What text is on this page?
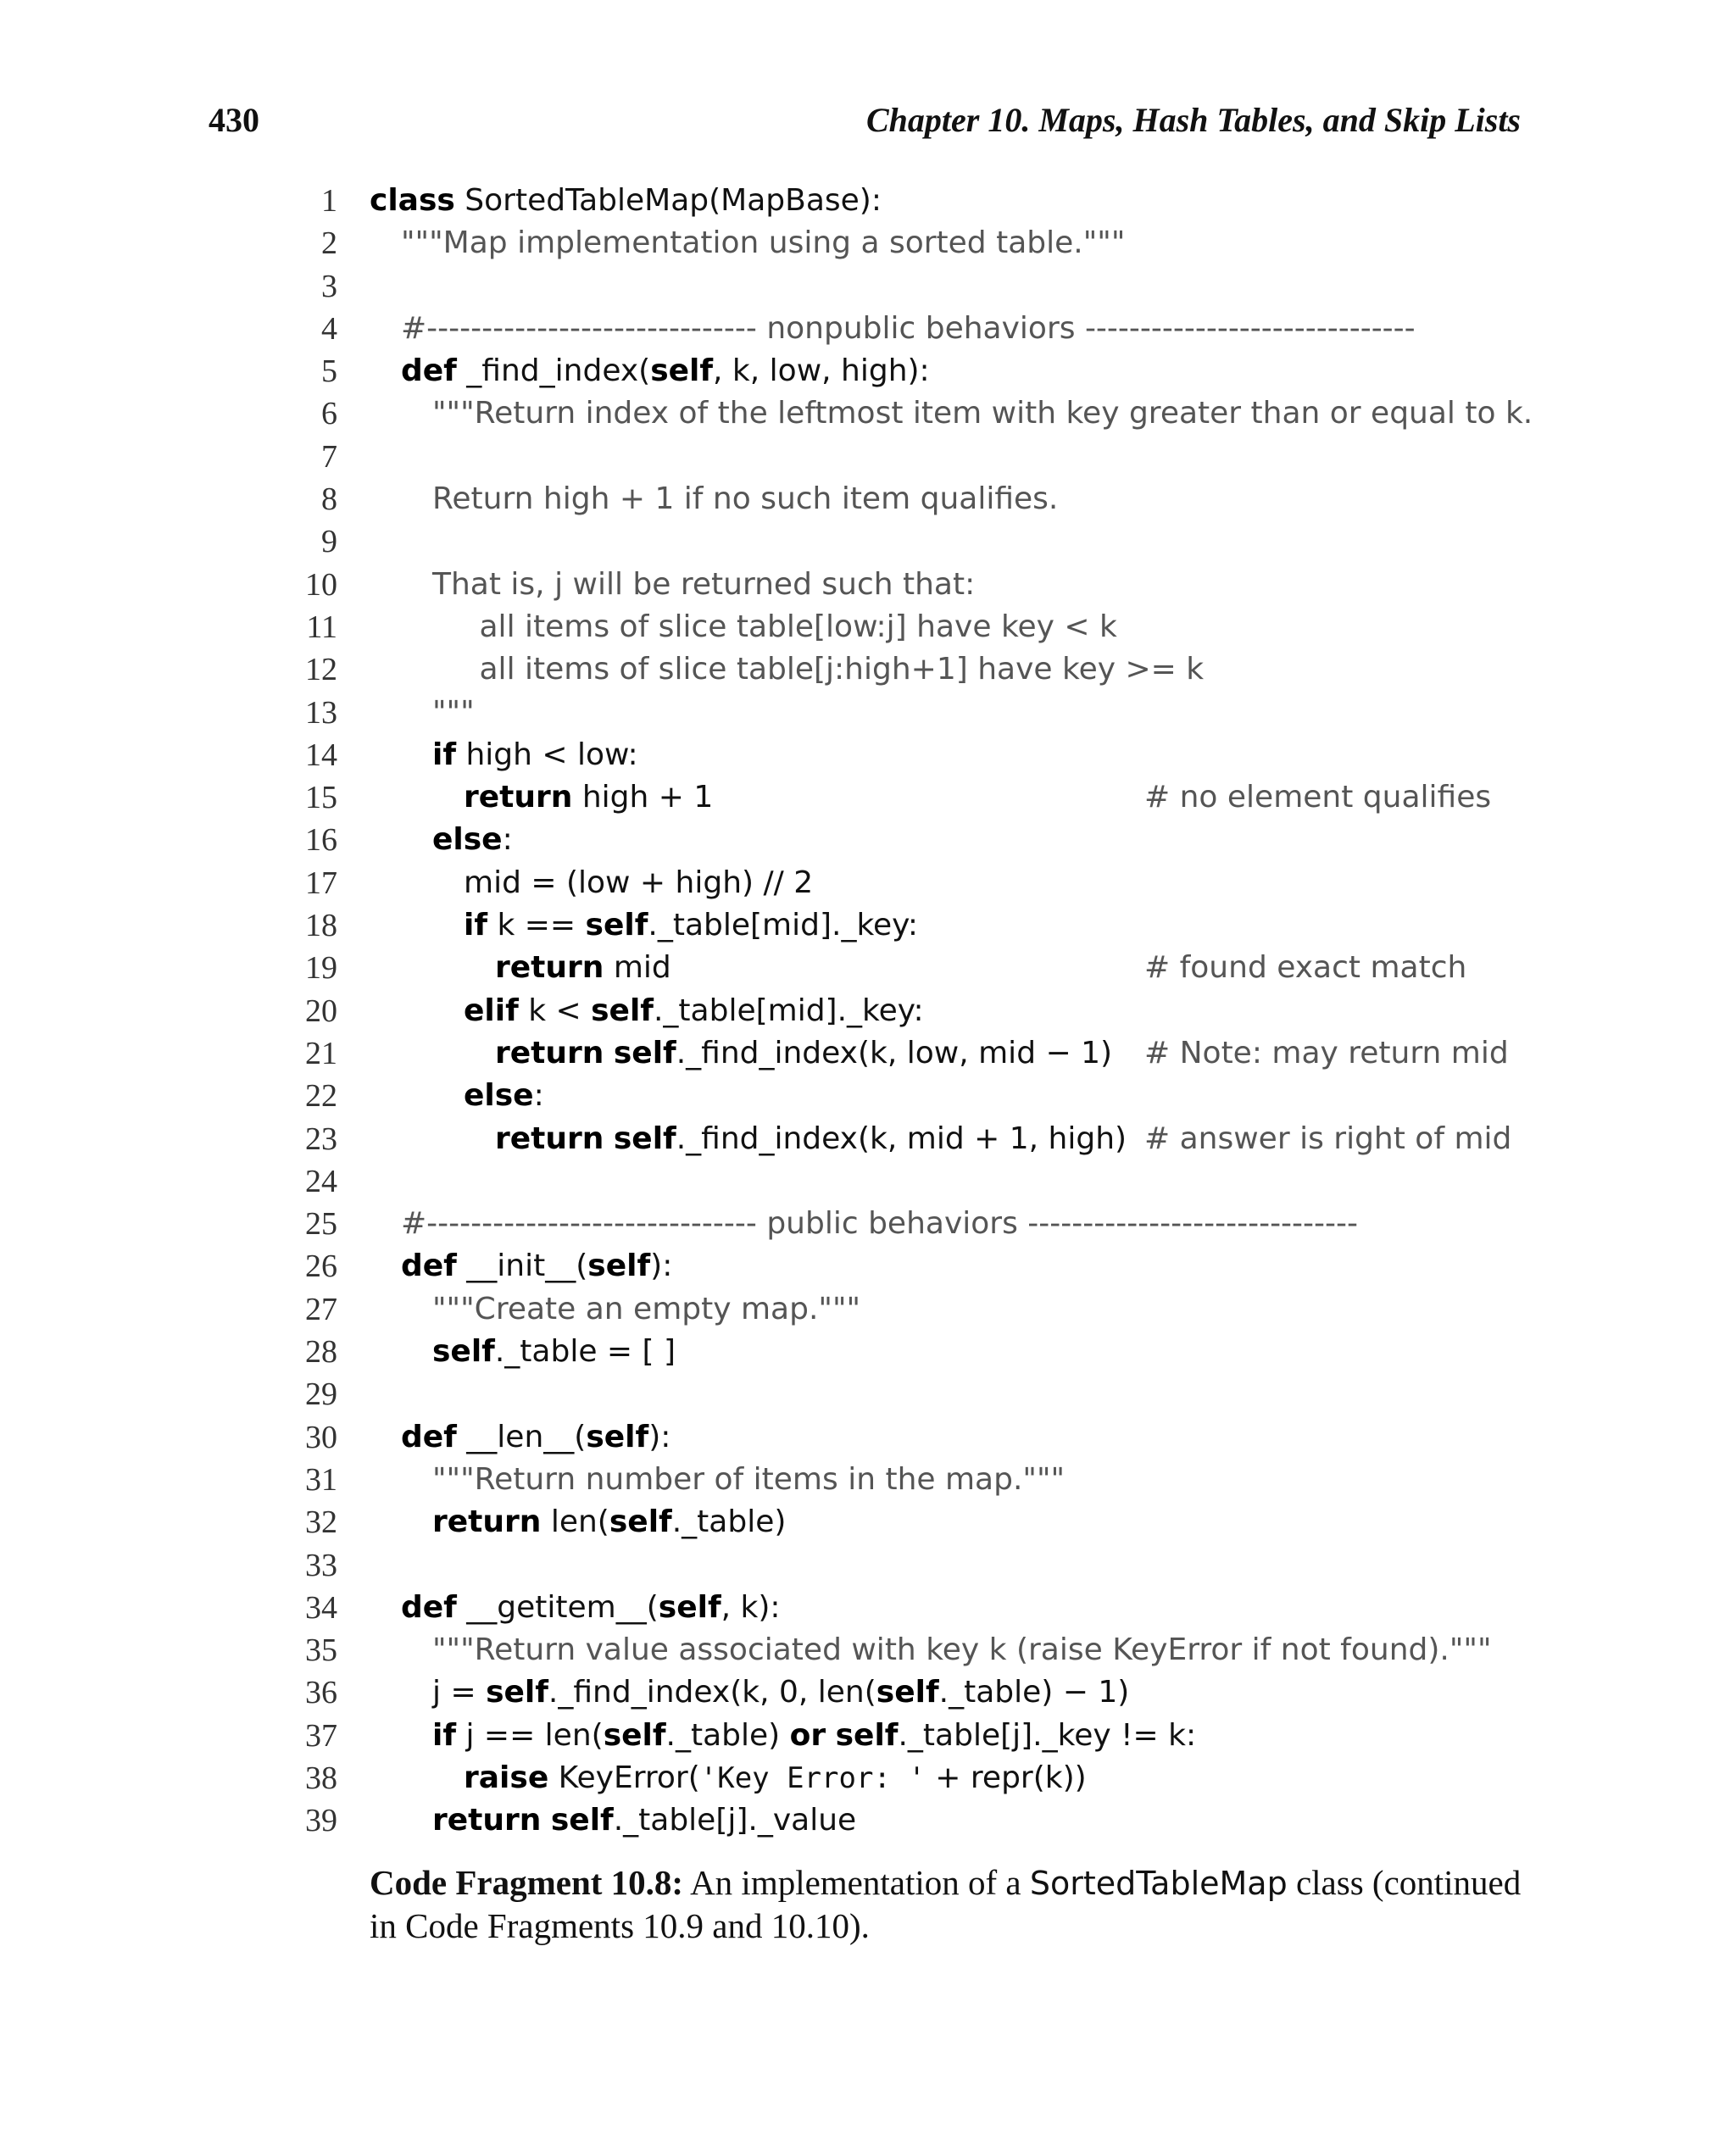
430	Chapter 10. Maps, Hash Tables, and Skip Lists
1 class SortedTableMap(MapBase):
2 """Map implementation using a sorted table."""
3
4 #------------------------------ nonpublic behaviors ------------------------------
5 def _find_index(self, k, low, high):
6	"""Return index of the leftmost item with key greater than or equal to k.
7
8	Return high + 1 if no such item qualifies.
9
10	That is, j will be returned such that:
11	all items of slice table[low:j] have key < k
12	all items of slice table[j:high+1] have key >= k
13	"""
14	if high < low:
15	return high + 1	# no element qualifies
16	else:
17	mid = (low + high) // 2
18	if k == self._table[mid]._key:
19	return mid	# found exact match
20	elif k < self._table[mid]._key:
21	return self._find_index(k, low, mid − 1) # Note: may return mid
22	else:
23	return self._find_index(k, mid + 1, high) # answer is right of mid
24
25 #------------------------------ public behaviors ------------------------------
26 def __init__(self):
27	"""Create an empty map."""
28	self._table = [ ]
29
30 def __len__(self):
31	"""Return number of items in the map."""
32	return len(self._table)
33
34 def __getitem__(self, k):
35	"""Return value associated with key k (raise KeyError if not found)."""
36	j = self._find_index(k, 0, len(self._table) − 1)
37	if j == len(self._table) or self._table[j]._key != k:
38	raise KeyError('Key Error: ' + repr(k))
39	return self._table[j]._value
Code Fragment 10.8: An implementation of a SortedTableMap class (continued in Code Fragments 10.9 and 10.10).
